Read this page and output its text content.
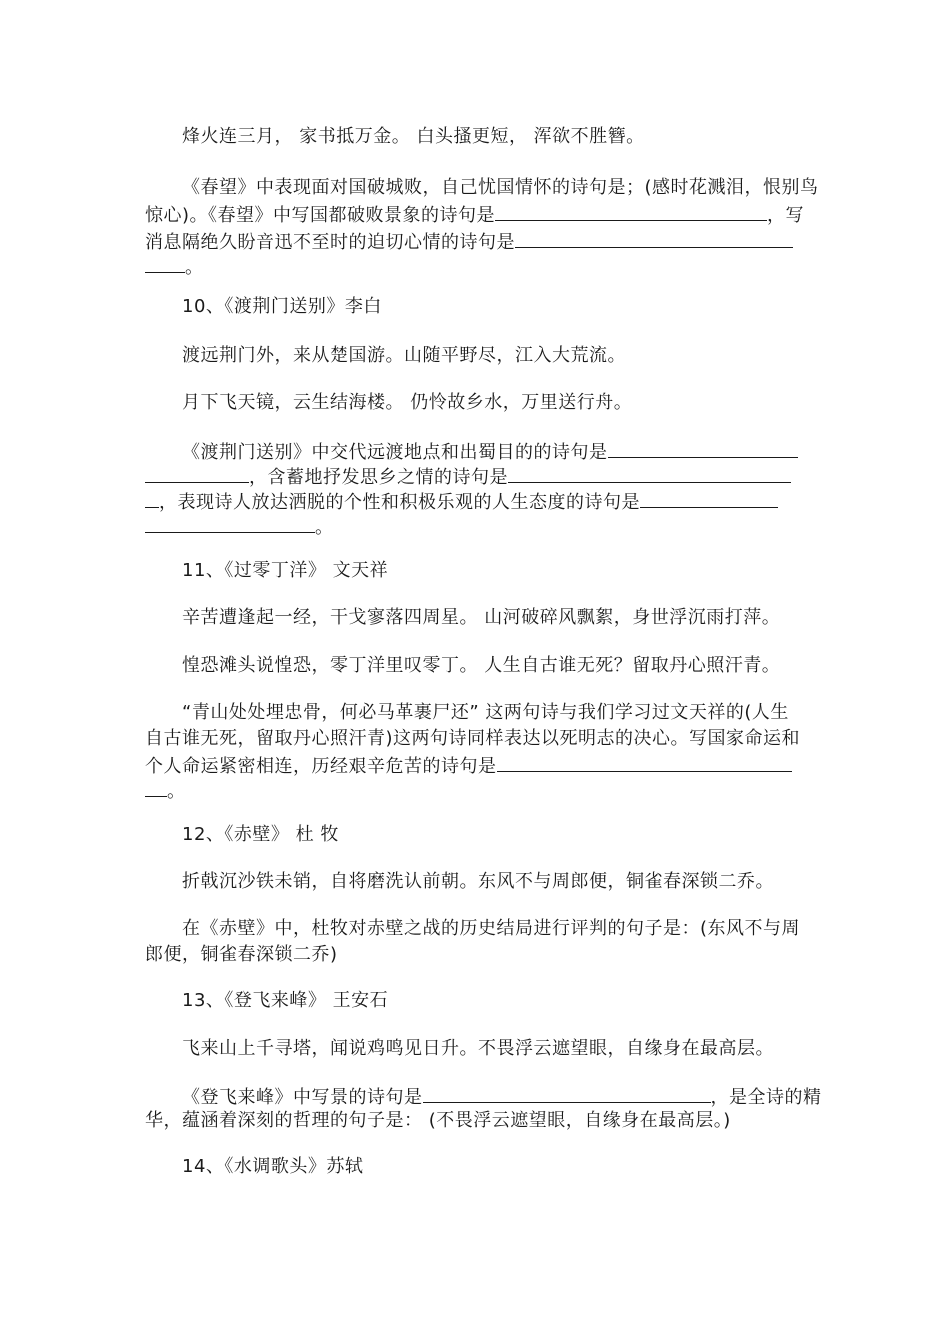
烽火连三月， 家书抵万金。 白头搔更短， 浑欲不胜簪。
《春望》中表现面对国破城败，自己忧国情怀的诗句是；(感时花溅泪，恨别鸟
惊心)。《春望》中写国都破败景象的诗句是	，写
消息隔绝久盼音迅不至时的迫切心情的诗句是
。
10、《渡荆门送别》李白
渡远荆门外，来从楚国游。山随平野尽，江入大荒流。
月下飞天镜，云生结海楼。 仍怜故乡水，万里送行舟。
《渡荆门送别》中交代远渡地点和出蜀目的的诗句是
，含蓄地抒发思乡之情的诗句是
，表现诗人放达洒脱的个性和积极乐观的人生态度的诗句是
。
11、《过零丁洋》 文天祥
辛苦遭逢起一经，干戈寥落四周星。 山河破碎风飘絮，身世浮沉雨打萍。
惶恐滩头说惶恐，零丁洋里叹零丁。 人生自古谁无死？留取丹心照汗青。
“青山处处埋忠骨，何必马革裹尸还” 这两句诗与我们学习过文天祥的(人生
自古谁无死，留取丹心照汗青)这两句诗同样表达以死明志的决心。写国家命运和
个人命运紧密相连，历经艰辛危苦的诗句是
。
12、《赤壁》 杜 牧
折戟沉沙铁未销，自将磨洗认前朝。东风不与周郎便，铜雀春深锁二乔。
在《赤壁》中，杜牧对赤壁之战的历史结局进行评判的句子是：(东风不与周
郎便，铜雀春深锁二乔)
13、《登飞来峰》 王安石
飞来山上千寻塔，闻说鸡鸣见日升。不畏浮云遮望眼，自缘身在最高层。
《登飞来峰》中写景的诗句是	，是全诗的精
华，蕴涵着深刻的哲理的句子是： (不畏浮云遮望眼，自缘身在最高层。)
14、《水调歌头》苏轼
